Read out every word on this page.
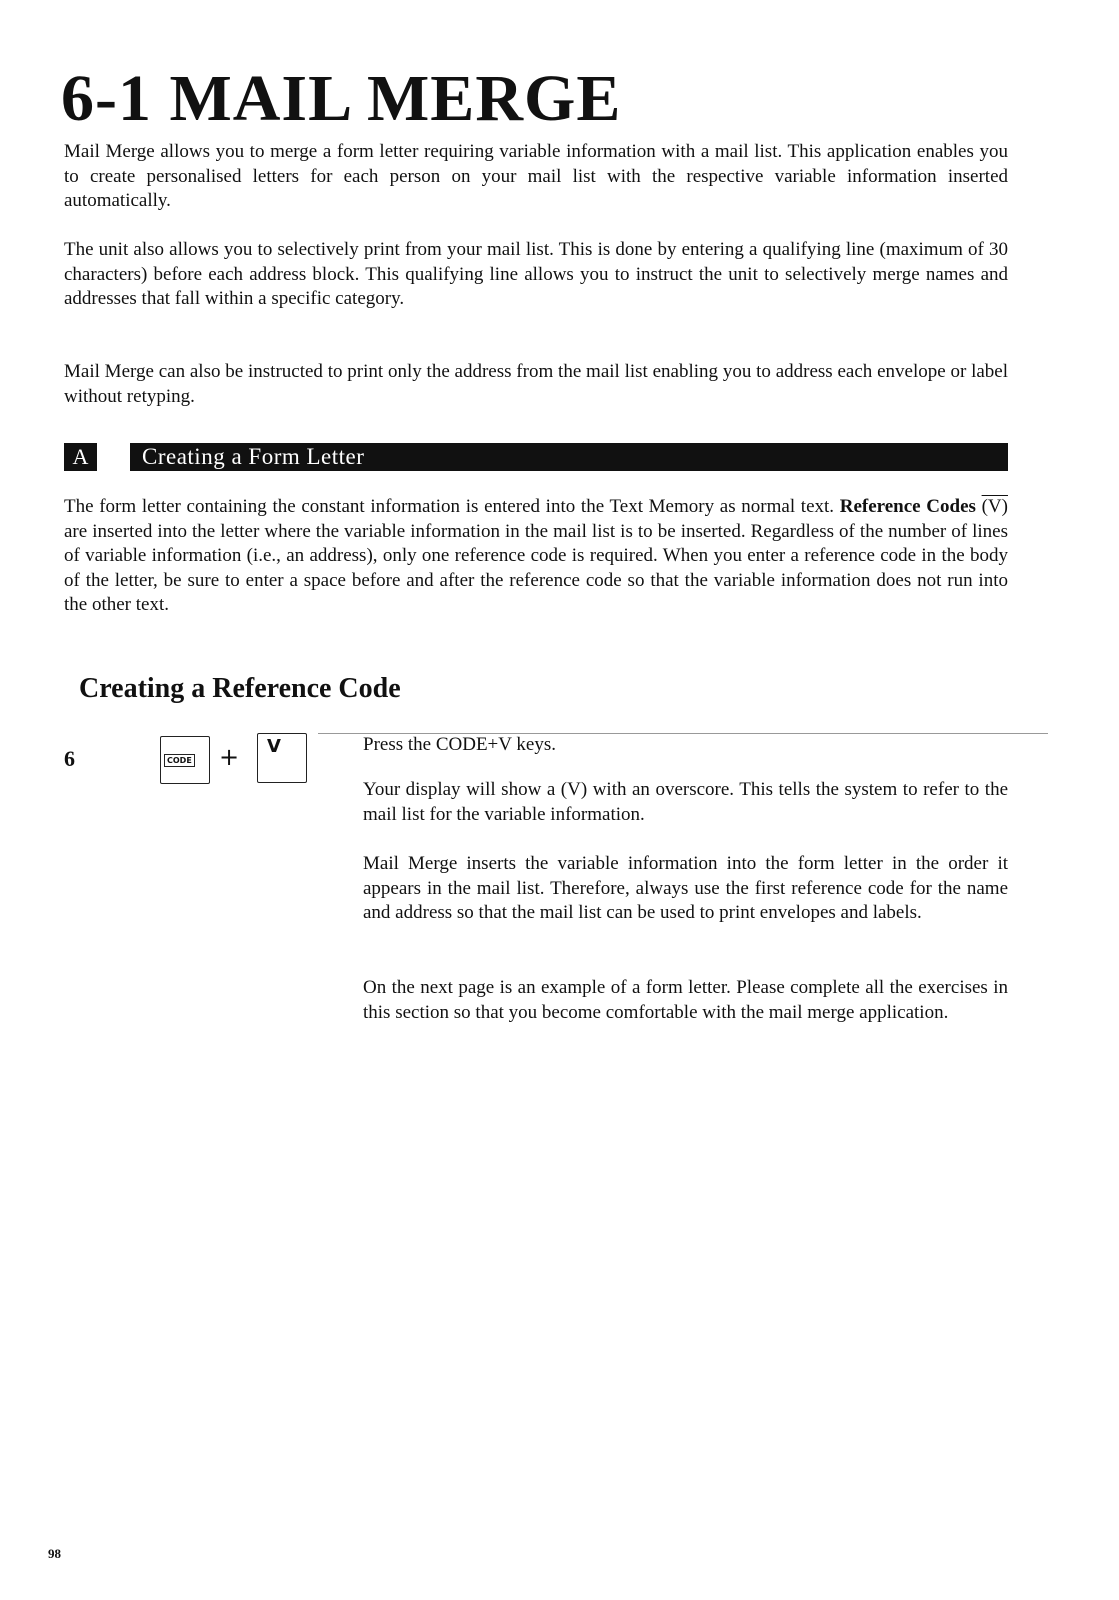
6-1 MAIL MERGE

Mail Merge allows you to merge a form letter requiring variable information with a mail list. This application enables you to create personalised letters for each person on your mail list with the respective variable information inserted automatically.

The unit also allows you to selectively print from your mail list. This is done by entering a qualifying line (maximum of 30 characters) before each address block. This qualifying line allows you to instruct the unit to selectively merge names and addresses that fall within a specific category.

Mail Merge can also be instructed to print only the address from the mail list enabling you to address each envelope or label without retyping.

A	Creating a Form Letter

The form letter containing the constant information is entered into the Text Memory as normal text. Reference Codes (V) are inserted into the letter where the variable information in the mail list is to be inserted. Regardless of the number of lines of variable information (i.e., an address), only one reference code is required. When you enter a reference code in the body of the letter, be sure to enter a space before and after the reference code so that the variable information does not run into the other text.

Creating a Reference Code
6	CODE + V	Press the CODE+V keys.

Your display will show a (V) with an overscore. This tells the system to refer to the mail list for the variable information.

Mail Merge inserts the variable information into the form letter in the order it appears in the mail list. Therefore, always use the first reference code for the name and address so that the mail list can be used to print envelopes and labels.

On the next page is an example of a form letter. Please complete all the exercises in this section so that you become comfortable with the mail merge application.

98
